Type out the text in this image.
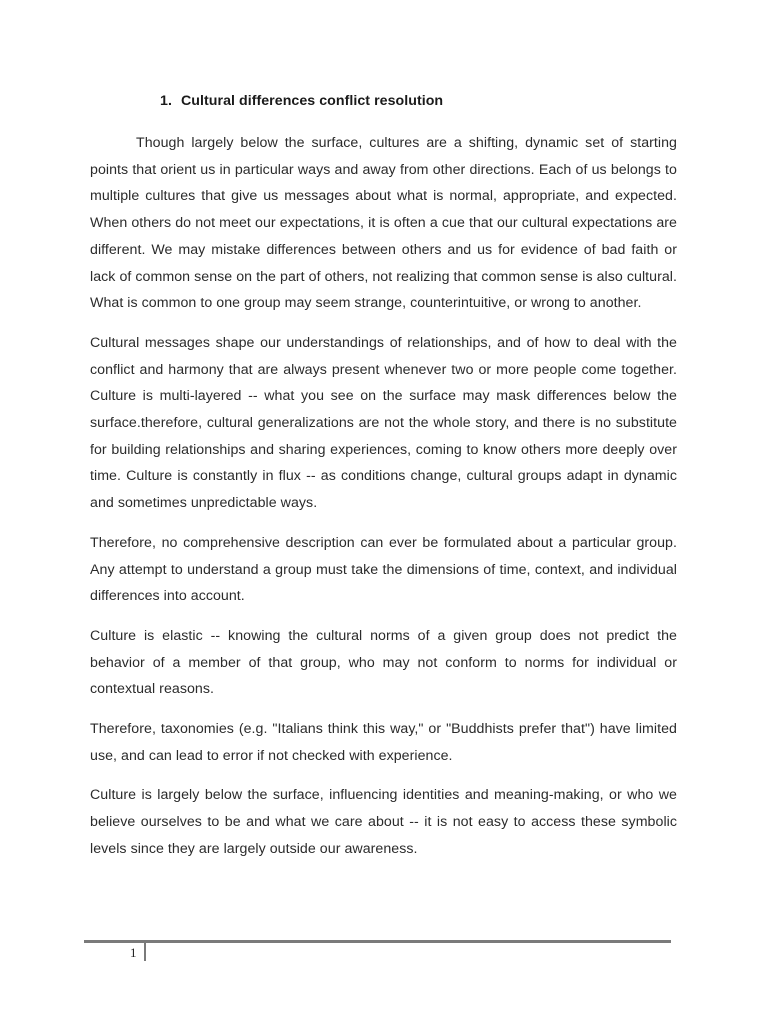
1. Cultural differences conflict resolution

Though largely below the surface, cultures are a shifting, dynamic set of starting points that orient us in particular ways and away from other directions. Each of us belongs to multiple cultures that give us messages about what is normal, appropriate, and expected. When others do not meet our expectations, it is often a cue that our cultural expectations are different. We may mistake differences between others and us for evidence of bad faith or lack of common sense on the part of others, not realizing that common sense is also cultural. What is common to one group may seem strange, counterintuitive, or wrong to another.

Cultural messages shape our understandings of relationships, and of how to deal with the conflict and harmony that are always present whenever two or more people come together. Culture is multi-layered -- what you see on the surface may mask differences below the surface.therefore, cultural generalizations are not the whole story, and there is no substitute for building relationships and sharing experiences, coming to know others more deeply over time. Culture is constantly in flux -- as conditions change, cultural groups adapt in dynamic and sometimes unpredictable ways.

Therefore, no comprehensive description can ever be formulated about a particular group. Any attempt to understand a group must take the dimensions of time, context, and individual differences into account.

Culture is elastic -- knowing the cultural norms of a given group does not predict the behavior of a member of that group, who may not conform to norms for individual or contextual reasons.

Therefore, taxonomies (e.g. "Italians think this way," or "Buddhists prefer that") have limited use, and can lead to error if not checked with experience.

Culture is largely below the surface, influencing identities and meaning-making, or who we believe ourselves to be and what we care about -- it is not easy to access these symbolic levels since they are largely outside our awareness.

1
